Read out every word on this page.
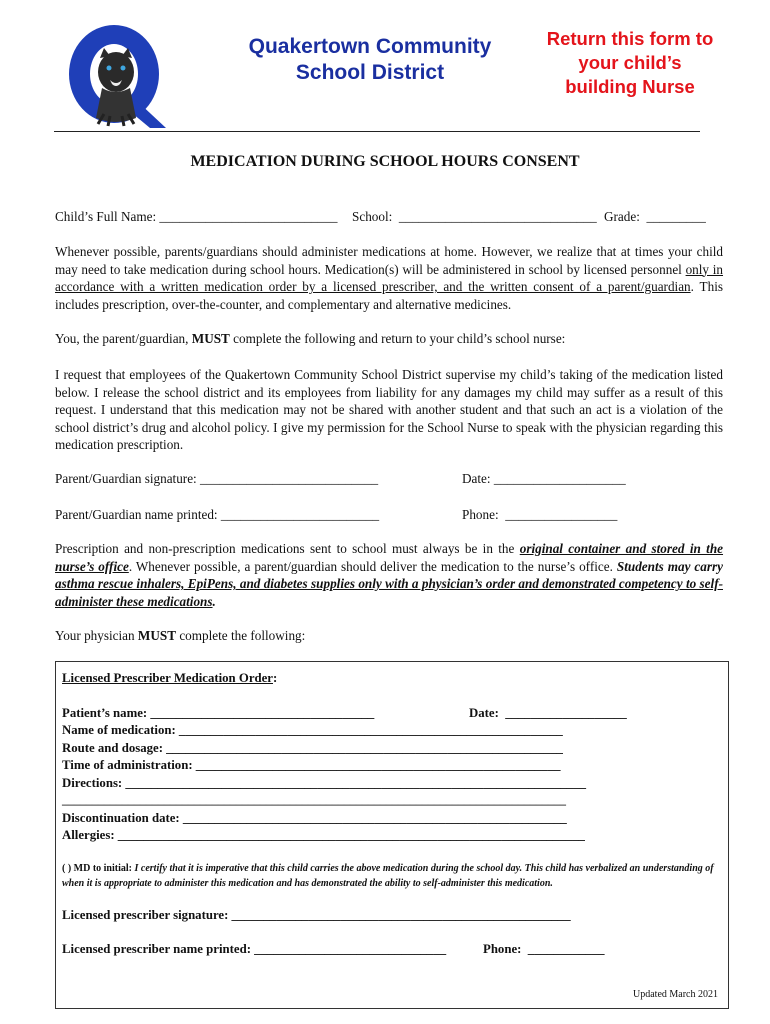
Quakertown Community
School District
Return this form to
your child’s
building Nurse
MEDICATION DURING SCHOOL HOURS CONSENT
Child’s Full Name: ___________________________ School:  ______________________________ Grade:  _________
Whenever possible, parents/guardians should administer medications at home. However, we realize that at times your child may need to take medication during school hours. Medication(s) will be administered in school by licensed personnel only in accordance with a written medication order by a licensed prescriber, and the written consent of a parent/guardian. This includes prescription, over-the-counter, and complementary and alternative medicines.
You, the parent/guardian, MUST complete the following and return to your child’s school nurse:
I request that employees of the Quakertown Community School District supervise my child’s taking of the medication listed below. I release the school district and its employees from liability for any damages my child may suffer as a result of this request. I understand that this medication may not be shared with another student and that such an act is a violation of the school district’s drug and alcohol policy. I give my permission for the School Nurse to speak with the physician regarding this medication prescription.
Parent/Guardian signature: ___________________________	Date: ____________________
Parent/Guardian name printed: ________________________	Phone:  _________________
Prescription and non-prescription medications sent to school must always be in the original container and stored in the nurse’s office. Whenever possible, a parent/guardian should deliver the medication to the nurse’s office. Students may carry asthma rescue inhalers, EpiPens, and diabetes supplies only with a physician’s order and demonstrated competency to self-administer these medications.
Your physician MUST complete the following:
Licensed Prescriber Medication Order:
Patient’s name: ___________________________________	Date:  ___________________
Name of medication: ____________________________________________________________
Route and dosage: ______________________________________________________________
Time of administration: _________________________________________________________
Directions: ________________________________________________________________________
____________________________________________________________________________________
Discontinuation date: ____________________________________________________________
Allergies: _________________________________________________________________________
( ) MD to initial: I certify that it is imperative that this child carries the above medication during the school day. This child has verbalized an understanding of when it is appropriate to administer this medication and has demonstrated the ability to self-administer this medication.
Licensed prescriber signature: _____________________________________________________
Licensed prescriber name printed: ______________________________	Phone:  ____________
Updated March 2021
